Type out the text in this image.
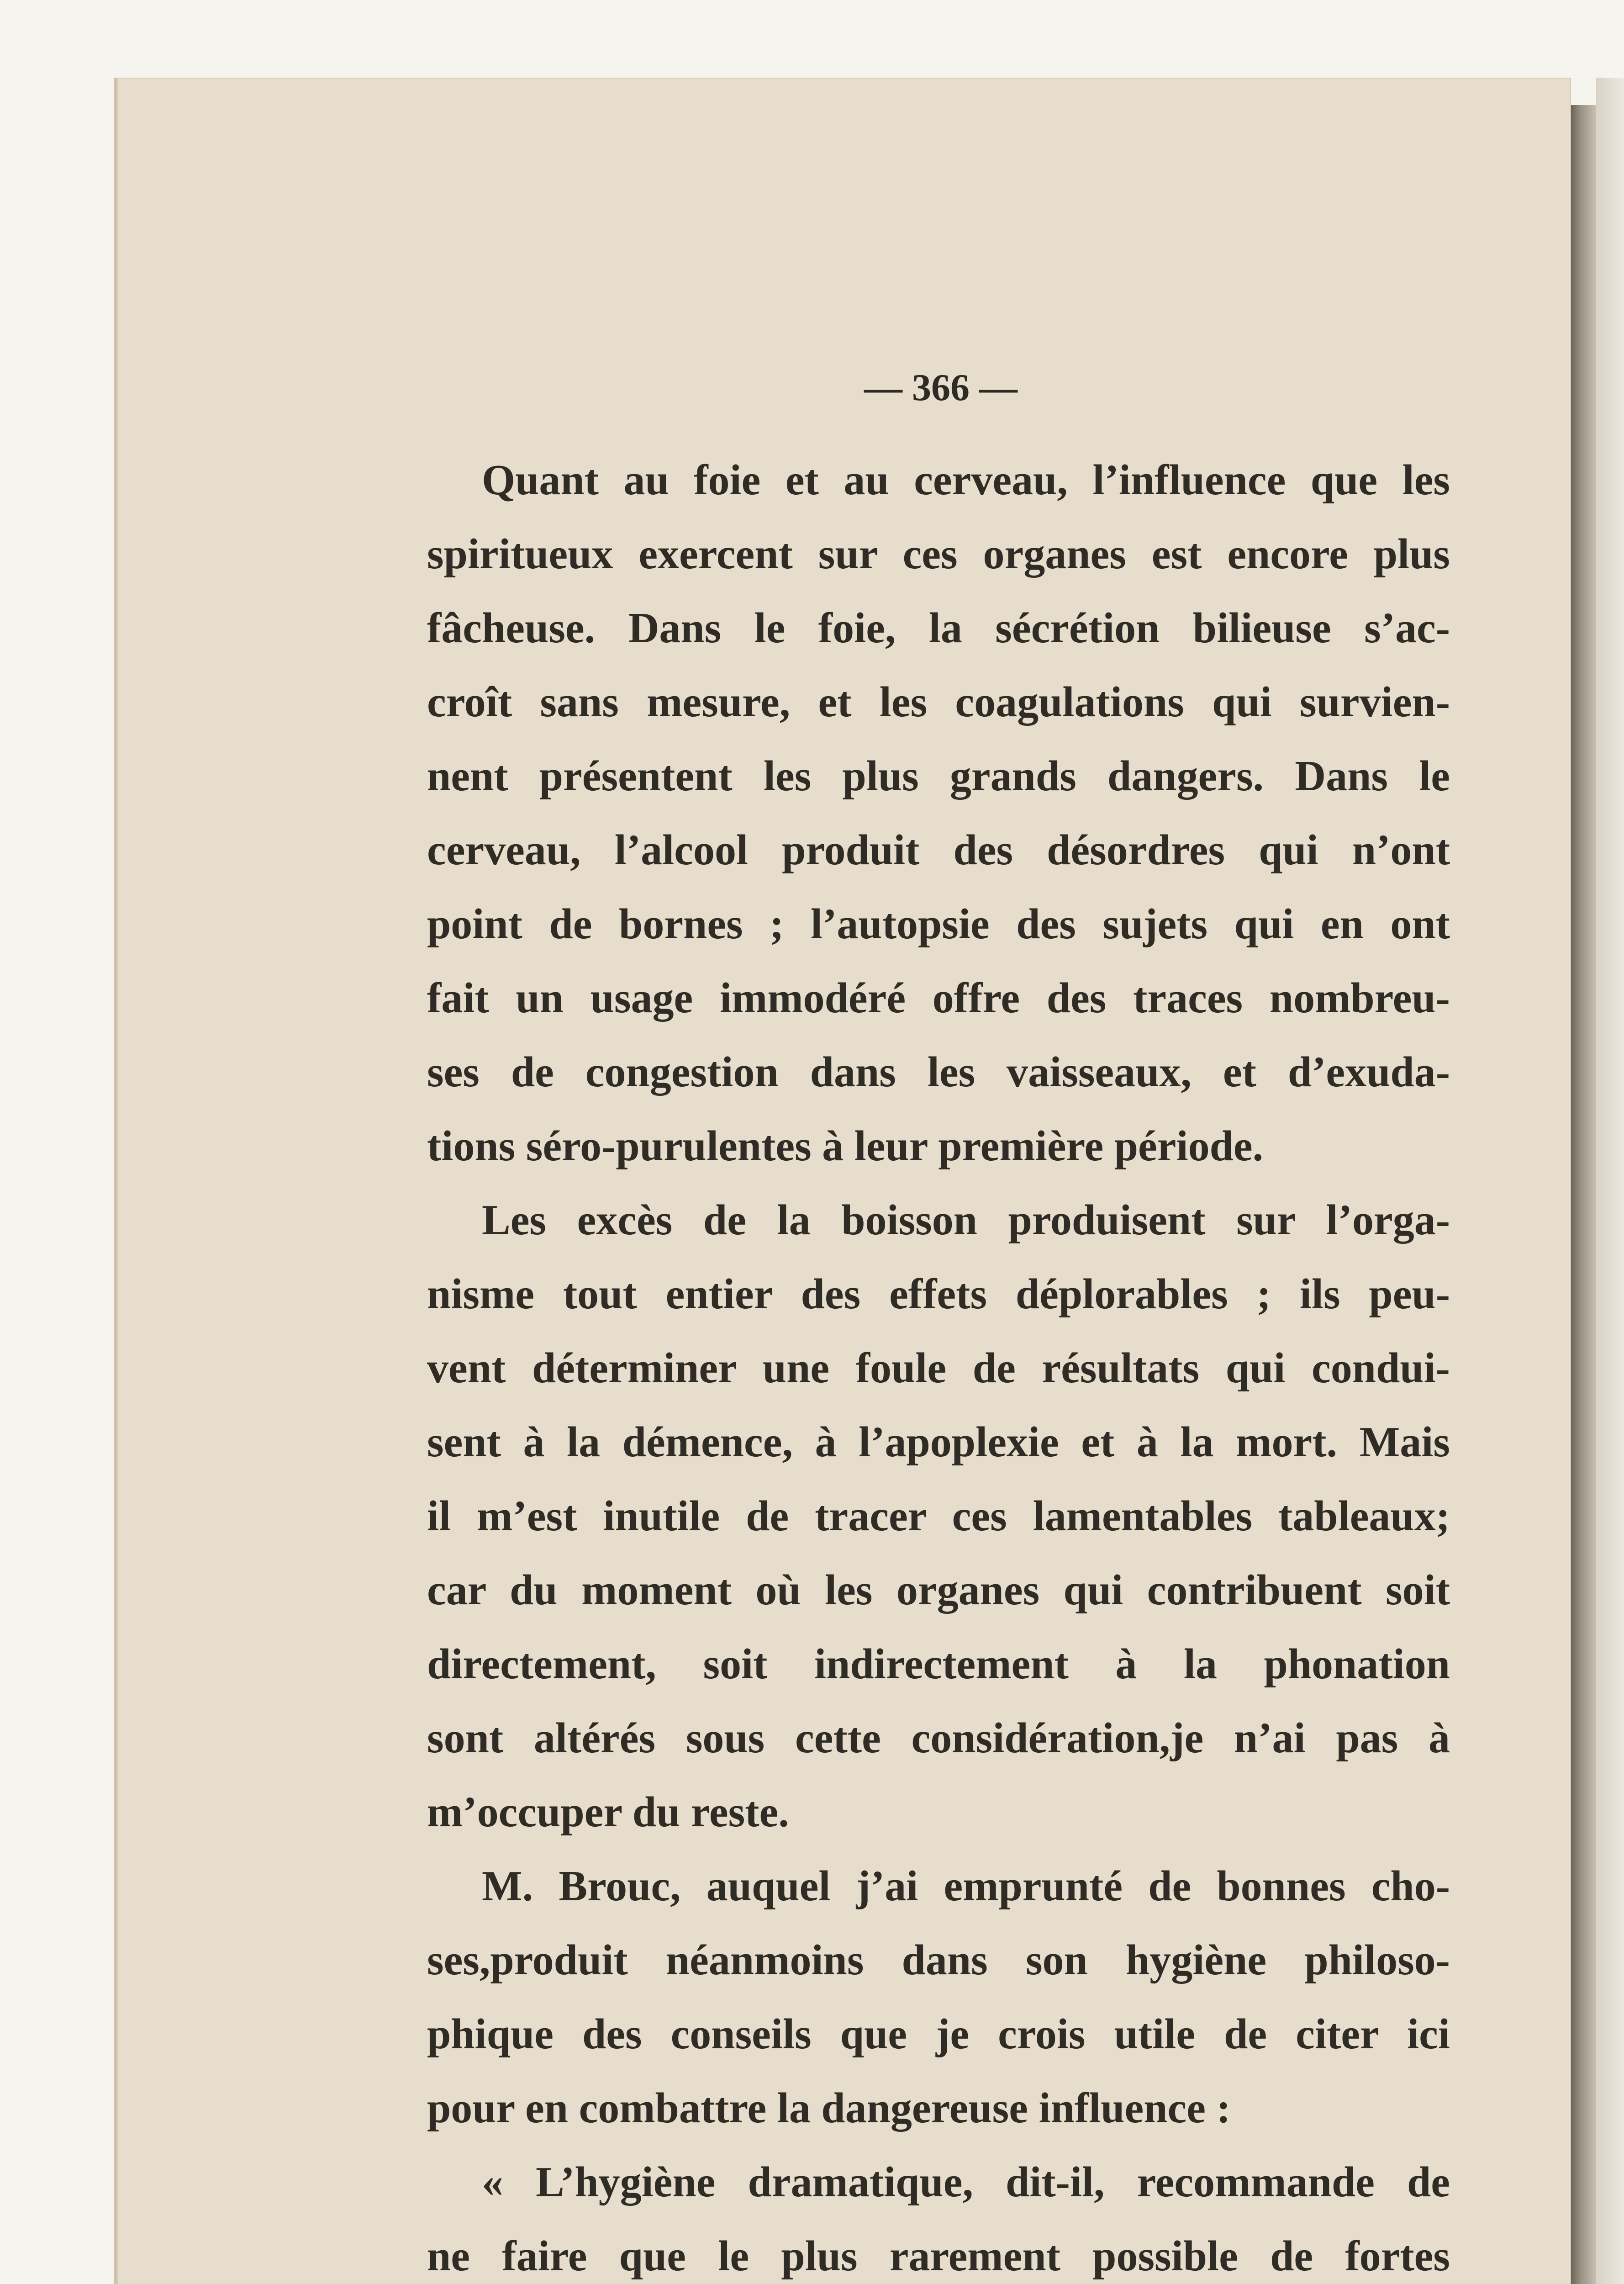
— 366 —
Quant au foie et au cerveau, l’influence que les
spiritueux exercent sur ces organes est encore plus
fâcheuse. Dans le foie, la sécrétion bilieuse s’ac-
croît sans mesure, et les coagulations qui survien-
nent présentent les plus grands dangers. Dans le
cerveau, l’alcool produit des désordres qui n’ont
point de bornes ; l’autopsie des sujets qui en ont
fait un usage immodéré offre des traces nombreu-
ses de congestion dans les vaisseaux, et d’exuda-
tions séro-purulentes à leur première période.
Les excès de la boisson produisent sur l’orga-
nisme tout entier des effets déplorables ; ils peu-
vent déterminer une foule de résultats qui condui-
sent à la démence, à l’apoplexie et à la mort. Mais
il m’est inutile de tracer ces lamentables tableaux;
car du moment où les organes qui contribuent soit
directement, soit indirectement à la phonation
sont altérés sous cette considération,je n’ai pas à
m’occuper du reste.
M. Brouc, auquel j’ai emprunté de bonnes cho-
ses,produit néanmoins dans son hygiène philoso-
phique des conseils que je crois utile de citer ici
pour en combattre la dangereuse influence :
« L’hygiène dramatique, dit-il, recommande de
ne faire que le plus rarement possible de fortes
